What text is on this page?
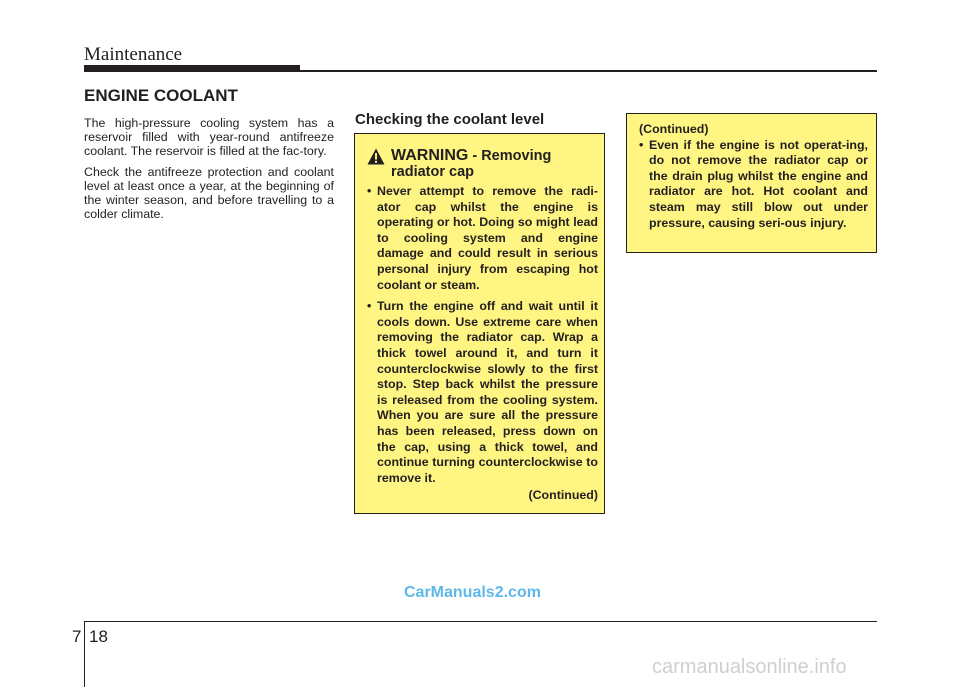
Maintenance
ENGINE COOLANT

The high-pressure cooling system has a reservoir filled with year-round antifreeze coolant. The reservoir is filled at the fac-tory.

Check the antifreeze protection and coolant level at least once a year, at the beginning of the winter season, and before travelling to a colder climate.

Checking the coolant level
WARNING - Removing radiator cap
• Never attempt to remove the radi-ator cap whilst the engine is operating or hot. Doing so might lead to cooling system and engine damage and could result in serious personal injury from escaping hot coolant or steam.
• Turn the engine off and wait until it cools down. Use extreme care when removing the radiator cap. Wrap a thick towel around it, and turn it counterclockwise slowly to the first stop. Step back whilst the pressure is released from the cooling system. When you are sure all the pressure has been released, press down on the cap, using a thick towel, and continue turning counterclockwise to remove it.
(Continued)
(Continued)
• Even if the engine is not operat-ing, do not remove the radiator cap or the drain plug whilst the engine and radiator are hot. Hot coolant and steam may still blow out under pressure, causing seri-ous injury.
CarManuals2.com
7 18
carmanualsonline.info
